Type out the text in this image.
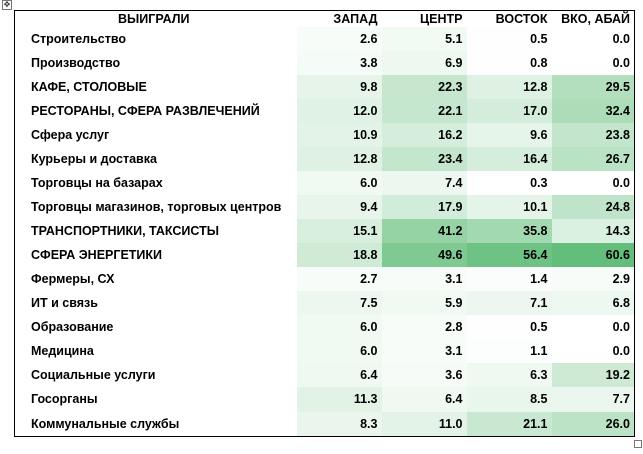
✥
ВЫИГРАЛИ	ЗАПАД	ЦЕНТР	ВОСТОК	ВКО, АБАЙ
Строительство	2.6	5.1	0.5	0.0
Производство	3.8	6.9	0.8	0.0
КАФЕ, СТОЛОВЫЕ	9.8	22.3	12.8	29.5
РЕСТОРАНЫ, СФЕРА РАЗВЛЕЧЕНИЙ	12.0	22.1	17.0	32.4
Сфера услуг	10.9	16.2	9.6	23.8
Курьеры и доставка	12.8	23.4	16.4	26.7
Торговцы на базарах	6.0	7.4	0.3	0.0
Торговцы магазинов, торговых центров	9.4	17.9	10.1	24.8
ТРАНСПОРТНИКИ, ТАКСИСТЫ	15.1	41.2	35.8	14.3
СФЕРА ЭНЕРГЕТИКИ	18.8	49.6	56.4	60.6
Фермеры, СХ	2.7	3.1	1.4	2.9
ИТ и связь	7.5	5.9	7.1	6.8
Образование	6.0	2.8	0.5	0.0
Медицина	6.0	3.1	1.1	0.0
Социальные услуги	6.4	3.6	6.3	19.2
Госорганы	11.3	6.4	8.5	7.7
Коммунальные службы	8.3	11.0	21.1	26.0
